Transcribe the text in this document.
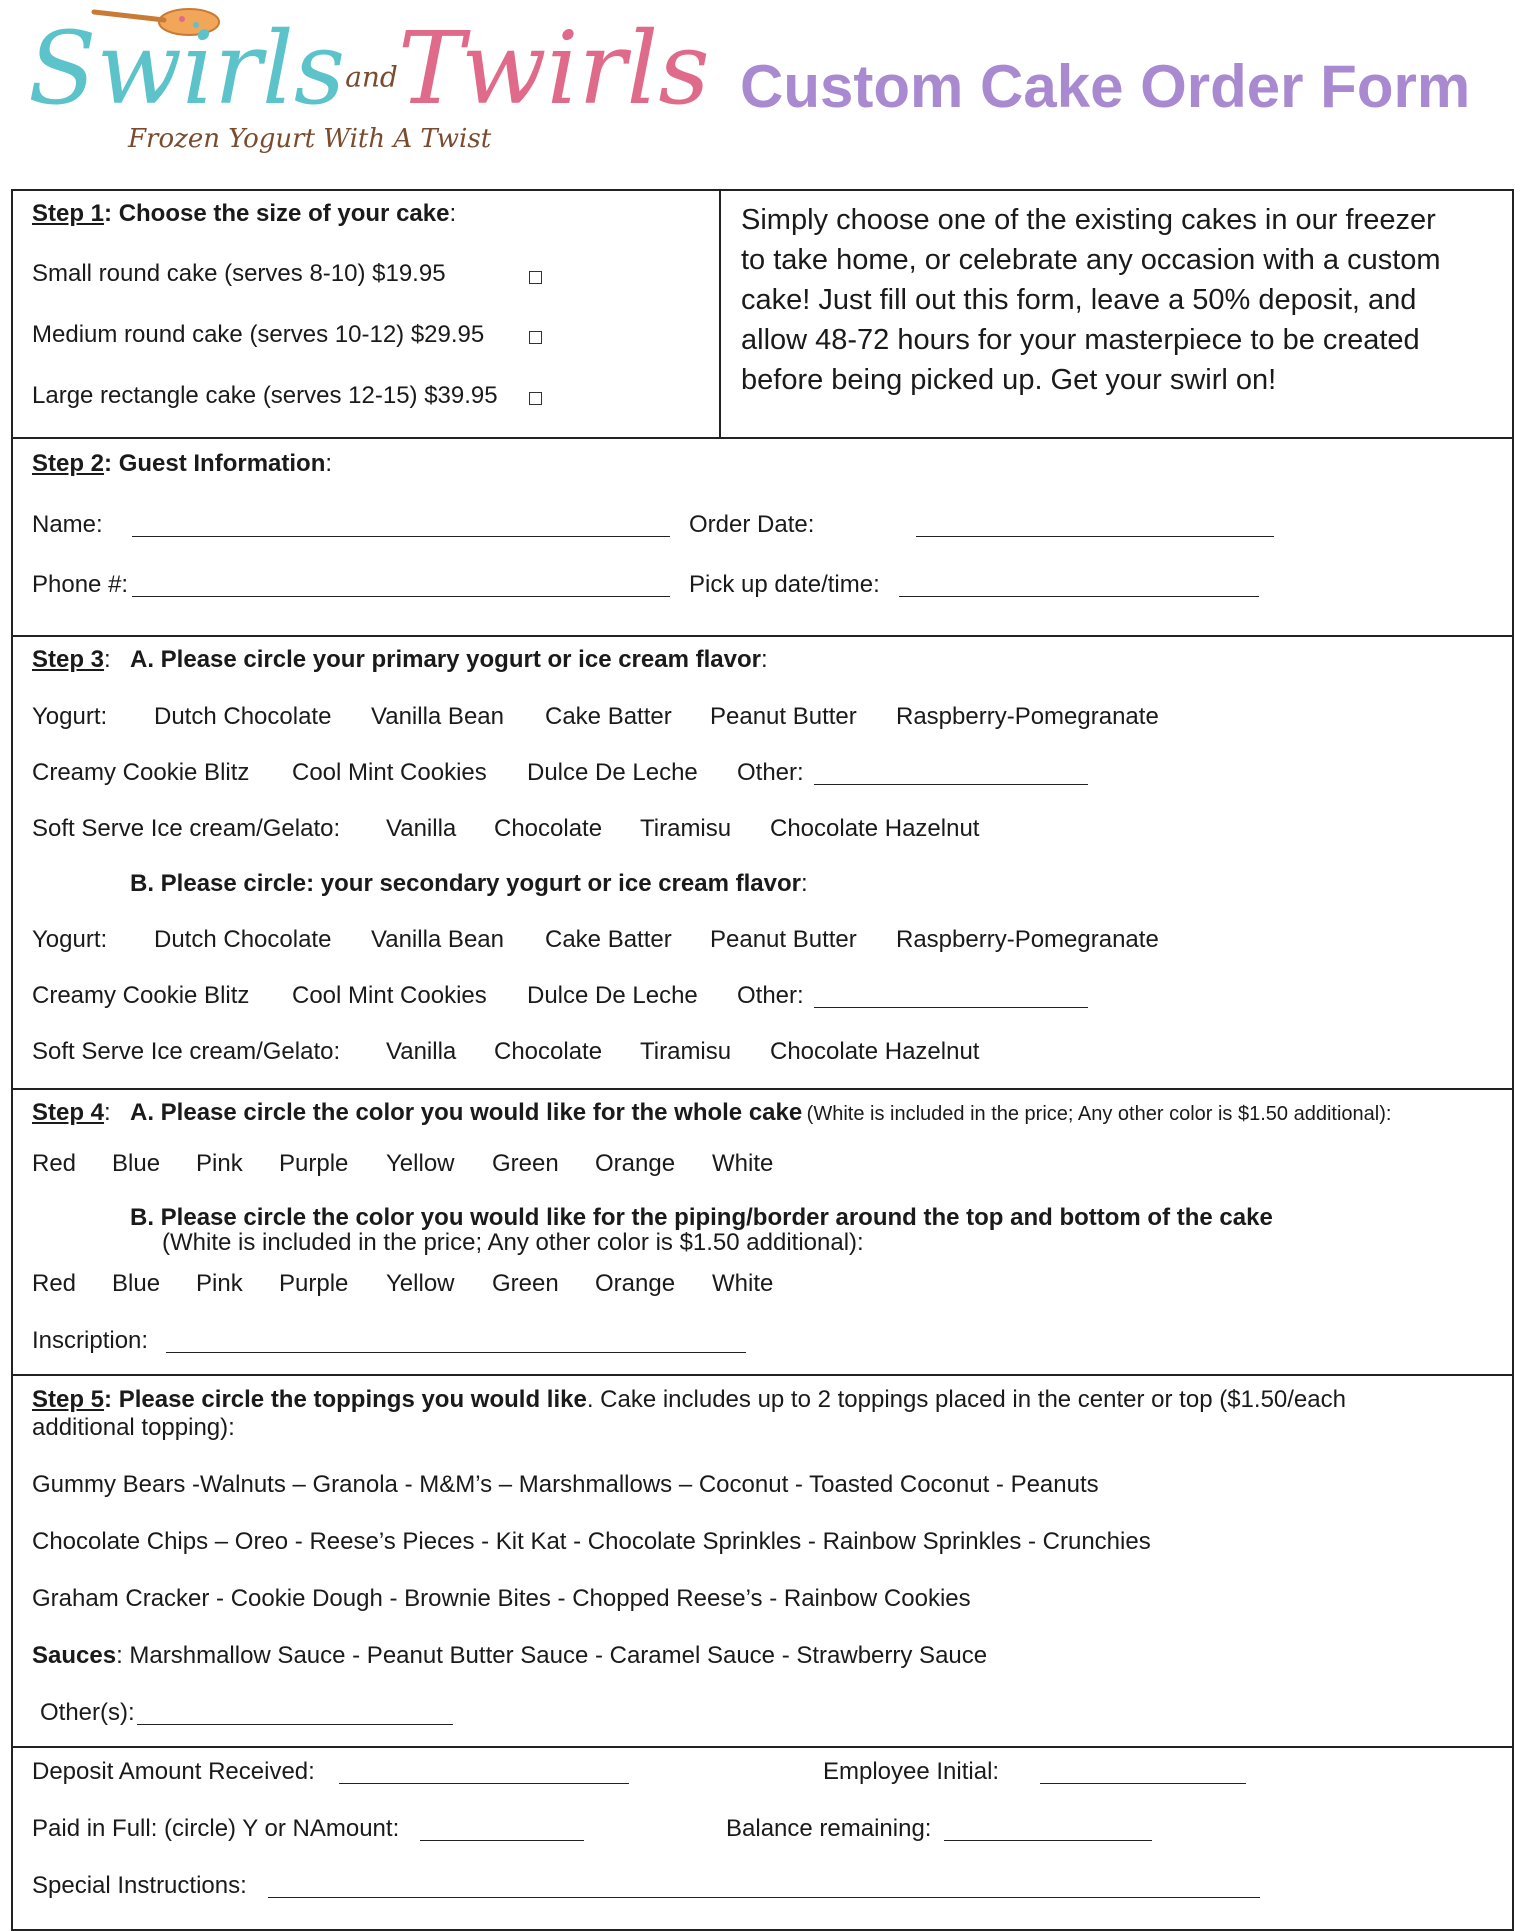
SwirlsandTwirls
Frozen Yogurt With A Twist
Custom Cake Order Form
Step 1: Choose the size of your cake:
Small round cake (serves 8-10) $19.95
Medium round cake (serves 10-12) $29.95
Large rectangle cake (serves 12-15) $39.95
Simply choose one of the existing cakes in our freezer
to take home, or celebrate any occasion with a custom
cake! Just fill out this form, leave a 50% deposit, and
allow 48-72 hours for your masterpiece to be created
before being picked up. Get your swirl on!
Step 2: Guest Information:
Name:	Order Date:
Phone #:	Pick up date/time:
Step 3: A. Please circle your primary yogurt or ice cream flavor:
Yogurt: Dutch Chocolate Vanilla Bean Cake Batter Peanut Butter Raspberry-Pomegranate
Creamy Cookie Blitz Cool Mint Cookies Dulce De Leche Other:
Soft Serve Ice cream/Gelato: Vanilla Chocolate Tiramisu Chocolate Hazelnut
B. Please circle: your secondary yogurt or ice cream flavor:
Yogurt: Dutch Chocolate Vanilla Bean Cake Batter Peanut Butter Raspberry-Pomegranate
Creamy Cookie Blitz Cool Mint Cookies Dulce De Leche Other:
Soft Serve Ice cream/Gelato: Vanilla Chocolate Tiramisu Chocolate Hazelnut
Step 4: A. Please circle the color you would like for the whole cake (White is included in the price; Any other color is $1.50 additional):
Red Blue Pink Purple Yellow Green Orange White
B. Please circle the color you would like for the piping/border around the top and bottom of the cake
(White is included in the price; Any other color is $1.50 additional):
Red Blue Pink Purple Yellow Green Orange White
Inscription:
Step 5: Please circle the toppings you would like. Cake includes up to 2 toppings placed in the center or top ($1.50/each
additional topping):
Gummy Bears -Walnuts – Granola - M&M’s – Marshmallows – Coconut - Toasted Coconut - Peanuts
Chocolate Chips – Oreo - Reese’s Pieces - Kit Kat - Chocolate Sprinkles - Rainbow Sprinkles - Crunchies
Graham Cracker - Cookie Dough - Brownie Bites - Chopped Reese’s - Rainbow Cookies
Sauces: Marshmallow Sauce - Peanut Butter Sauce - Caramel Sauce - Strawberry Sauce
Other(s):
Deposit Amount Received:	Employee Initial:
Paid in Full: (circle) Y or NAmount:	Balance remaining:
Special Instructions:
